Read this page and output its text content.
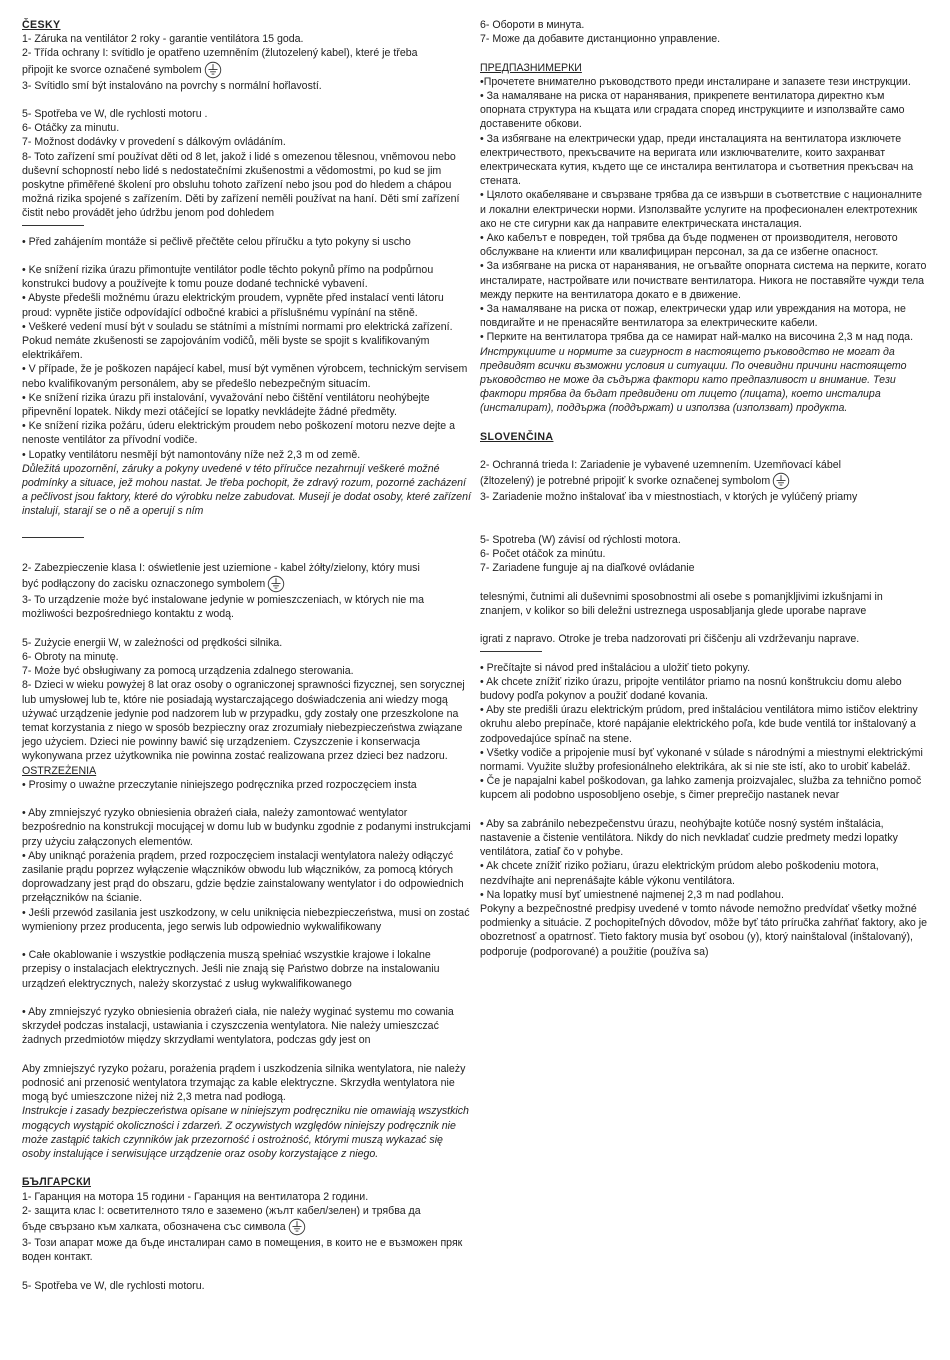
ČESKY

1- Záruka na ventilátor 2 roky - garantie ventilátora 15 goda.

2- Třída ochrany I: svítidlo je opatřeno uzemněním (žlutozelený kabel), které je třeba

připojit ke svorce označené symbolem

3- Svítidlo smí být instalováno na povrchy s normální hořlavostí.

5- Spotřeba ve W, dle rychlosti motoru .

6- Otáčky za minutu.

7- Možnost dodávky v provedení s dálkovým ovládáním.

8- Toto zařízení smí používat děti od 8 let, jakož i lidé s omezenou tělesnou, vněmovou nebo duševní schopností nebo lidé s nedostatečními zkušenostmi a vědomostmi, po kud se jim poskytne přiměřené školení pro obsluhu tohoto zařízení nebo jsou pod do hledem a chápou možná rizika spojené s zařízením. Děti by zařízení neměli používat na haní. Děti smí zařízení čistit nebo provádět jeho údržbu jenom pod dohledem

• Před zahájením montáže si pečlivě přečtěte celou příručku a tyto pokyny si uscho

• Ke snížení rizika úrazu přimontujte ventilátor podle těchto pokynů přímo na podpůrnou konstrukci budovy a používejte k tomu pouze dodané technické vybavení.

• Abyste předešli možnému úrazu elektrickým proudem, vypněte před instalací venti látoru proud: vypněte jističe odpovídající odbočné krabici a příslušnému vypínání na stěně.

• Veškeré vedení musí být v souladu se státními a místními normami pro elektrická zařízení. Pokud nemáte zkušenosti se zapojováním vodičů, měli byste se spojit s kvalifikovaným elektrikářem.

• V případe, že je poškozen napájecí kabel, musí být vyměnen výrobcem, technickým servisem nebo kvalifikovaným personálem, aby se předešlo nebezpečným situacím.

• Ke snížení rizika úrazu při instalování, vyvažování nebo čištění ventilátoru neohýbejte připevnění lopatek. Nikdy mezi otáčející se lopatky nevkládejte žádné předměty.

• Ke snížení rizika požáru, úderu elektrickým proudem nebo poškození motoru nezve dejte a nenoste ventilátor za přívodní vodiče.

• Lopatky ventilátoru nesmějí být namontovány níže než 2,3 m od země.

Důležitá upozornění, záruky a pokyny uvedené v této příručce nezahrnují veškeré možné podmínky a situace, jež mohou nastat. Je třeba pochopit, že zdravý rozum, pozorné zacházení a pečlivost jsou faktory, které do výrobku nelze zabudovat. Musejí je dodat osoby, které zařízení instalují, starají se o ně a operují s ním

2- Zabezpieczenie klasa I: oświetlenie jest uziemione - kabel żółty/zielony, który musi

być podłączony do zacisku oznaczonego symbolem

3- To urządzenie może być instalowane jedynie w pomieszczeniach, w których nie ma możliwości bezpośredniego kontaktu z wodą.

5- Zużycie energii W, w zależności od prędkości silnika.

6- Obroty na minutę.

7- Może być obsługiwany za pomocą urządzenia zdalnego sterowania.

8- Dzieci w wieku powyżej 8 lat oraz osoby o ograniczonej sprawności fizycznej, sen sorycznej lub umysłowej lub te, które nie posiadają wystarczającego doświadczenia ani wiedzy mogą używać urządzenie jedynie pod nadzorem lub w przypadku, gdy zostały one przeszkolone na temat korzystania z niego w sposób bezpieczny oraz zrozumiały niebezpieczeństwa związane jego użyciem. Dzieci nie powinny bawić się urządzeniem. Czyszczenie i konserwacja wykonywana przez użytkownika nie powinna zostać realizowana przez dzieci bez nadzoru.

OSTRZEŻENIA

• Prosimy o uważne przeczytanie niniejszego podręcznika przed rozpoczęciem insta

• Aby zmniejszyć ryzyko obniesienia obrażeń ciała, należy zamontować wentylator bezpośrednio na konstrukcji mocującej w domu lub w budynku zgodnie z podanymi instrukcjami przy użyciu załączonych elementów.

• Aby uniknąć porażenia prądem, przed rozpoczęciem instalacji wentylatora należy odłączyć zasilanie prądu poprzez wyłączenie włączników obwodu lub włączników, za pomocą których doprowadzany jest prąd do obszaru, gdzie będzie zainstalowany wentylator i do odpowiednich przełączników na ścianie.

• Jeśli przewód zasilania jest uszkodzony, w celu uniknięcia niebezpieczeństwa, musi on zostać wymieniony przez producenta, jego serwis lub odpowiednio wykwalifikowany

• Całe okablowanie i wszystkie podłączenia muszą spełniać wszystkie krajowe i lokalne przepisy o instalacjach elektrycznych. Jeśli nie znają się Państwo dobrze na instalowaniu urządzeń elektrycznych, należy skorzystać z usług wykwalifikowanego

• Aby zmniejszyć ryzyko obniesienia obrażeń ciała, nie należy wyginać systemu mo cowania skrzydeł podczas instalacji, ustawiania i czyszczenia wentylatora. Nie należy umieszczać żadnych przedmiotów między skrzydłami wentylatora, podczas gdy jest on

Aby zmniejszyć ryzyko pożaru, porażenia prądem i uszkodzenia silnika wentylatora, nie należy podnosić ani przenosić wentylatora trzymając za kable elektryczne. Skrzydła wentylatora nie mogą być umieszczone niżej niż 2,3 metra nad podłogą.

Instrukcje i zasady bezpieczeństwa opisane w niniejszym podręczniku nie omawiają wszystkich mogących wystąpić okoliczności i zdarzeń. Z oczywistych względów niniejszy podręcznik nie może zastąpić takich czynników jak przezorność i ostrożność, którymi muszą wykazać się osoby instalujące i serwisujące urządzenie oraz osoby korzystające z niego.

БЪЛГАРСКИ

1- Гаранция на мотора 15 години - Гаранция на вентилатора 2 години.

2- защита клас I: осветителното тяло е заземено (жълт кабел/зелен) и трябва да

бъде свързано към халката, обозначена със символа

3- Този апарат може да бъде инсталиран само в помещения, в които не е възможен пряк воден контакт.

5- Spotřeba ve W, dle rychlosti motoru.

6- Обороти в минута.

7- Може да добавите дистанционно управление.

ПРЕДПАЗНИМЕРКИ

•Прочетете внимателно ръководството преди инсталиране и запазете тези инструкции.

• За намаляване на риска от наранявания, прикрепете вентилатора директно към опорната структура на къщата или сградата според инструкциите и използвайте само доставените обкови.

• За избягване на електрически удар, преди инсталацията на вентилатора изключете електричеството, прекъсвачите на веригата или изключвателите, които захранват електрическата кутия, където ще се инсталира вентилатора и съответния прекъсвач на стената.

• Цялото окабеляване и свързване трябва да се извърши в съответствие с националните и локални електрически норми. Използвайте услугите на професионален електротехник ако не сте сигурни как да направите електрическата инсталация.

• Ако кабелът е повреден, той трябва да бъде подменен от производителя, неговото обслужване на клиенти или квалифициран персонал, за да се избегне опасност.

• За избягване на риска от наранявания, не огъвайте опорната система на перките, когато инсталирате, настройвате или почиствате вентилатора. Никога не поставяйте чужди тела между перките на вентилатора докато е в движение.

• За намаляване на риска от пожар, електрически удар или увреждания на мотора, не повдигайте и не пренасяйте вентилатора за електрическите кабели.

• Перките на вентилатора трябва да се намират най-малко на височина 2,3 м над пода.

Инструкциите и нормите за сигурност в настоящето ръководство не могат да предвидят всички възможни условия и ситуации. По очевидни причини настоящето ръководство не може да съдържа фактори като предпазливост и внимание. Тези фактори трябва да бъдат предвидени от лицето (лицата), което инсталира (инсталират), поддържа (поддържат) и използва (използват) продукта.

SLOVENČINA

2- Ochranná trieda I: Zariadenie je vybavené uzemnením. Uzemňovací kábel

(žltozelený) je potrebné pripojiť k svorke označenej symbolom

3- Zariadenie možno inštalovať iba v miestnostiach, v ktorých je vylúčený priamy

5- Spotreba (W) závisí od rýchlosti motora.

6- Počet otáčok za minútu.

7- Zariadene funguje aj na diaľkové ovládanie

telesnými, čutnimi ali duševnimi sposobnostmi ali osebe s pomanjkljivimi izkušnjami in znanjem, v kolikor so bili deležni ustreznega usposabljanja glede uporabe naprave

igrati z napravo. Otroke je treba nadzorovati pri čiščenju ali vzdrževanju naprave.

• Prečítajte si návod pred inštaláciou a uložiť tieto pokyny.

• Ak chcete znížiť riziko úrazu, pripojte ventilátor priamo na nosnú konštrukciu domu alebo budovy podľa pokynov a použiť dodané kovania.

• Aby ste predišli úrazu elektrickým prúdom, pred inštaláciou ventilátora mimo ističov elektriny okruhu alebo prepínače, ktoré napájanie elektrického poľa, kde bude ventilá tor inštalovaný a zodpovedajúce spínač na stene.

• Všetky vodiče a pripojenie musí byť vykonané v súlade s národnými a miestnymi elektrickými normami. Využite služby profesionálneho elektrikára, ak si nie ste istí, ako to urobiť kabeláž.

• Če je napajalni kabel poškodovan, ga lahko zamenja proizvajalec, služba za tehnično pomoč kupcem ali podobno usposobljeno osebje, s čimer preprečijo nastanek nevar

• Aby sa zabránilo nebezpečenstvu úrazu, neohýbajte kotúče nosný systém inštalácia, nastavenie a čistenie ventilátora. Nikdy do nich nevkladať cudzie predmety medzi lopatky ventilátora, zatiaľ čo v pohybe.

• Ak chcete znížiť riziko požiaru, úrazu elektrickým prúdom alebo poškodeniu motora, nezdvíhajte ani neprenášajte káble výkonu ventilátora.

• Na lopatky musí byť umiestnené najmenej 2,3 m nad podlahou.

Pokyny a bezpečnostné predpisy uvedené v tomto návode nemožno predvídať všetky možné podmienky a situácie. Z pochopiteľných dôvodov, môže byť táto príručka zahŕňať faktory, ako je obozretnosť a opatrnosť. Tieto faktory musia byť osobou (y), ktorý nainštaloval (inštalovaný), podporuje (podporované) a použitie (používa sa)
